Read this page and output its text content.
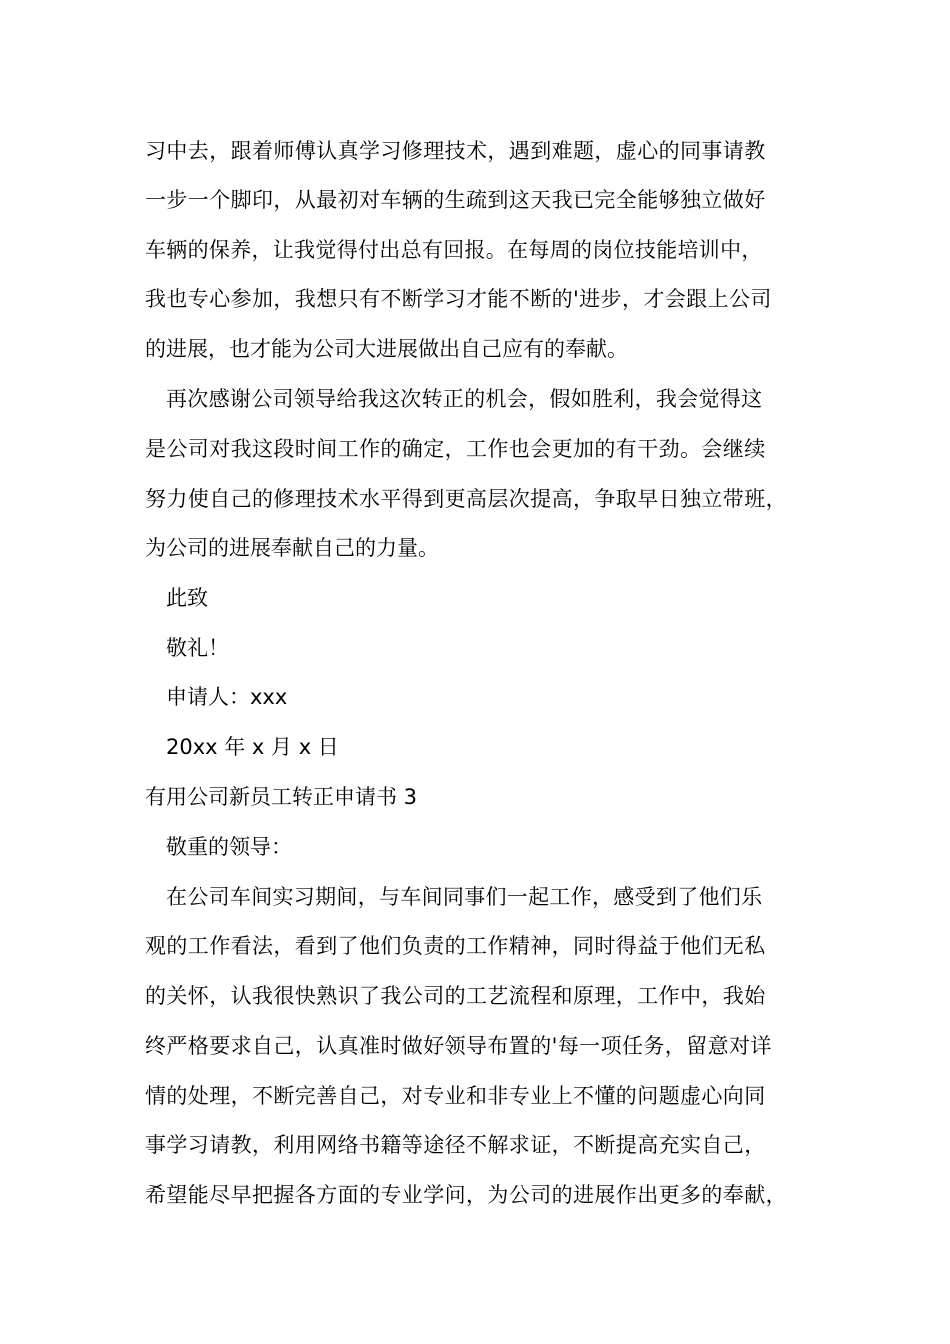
习中去，跟着师傅认真学习修理技术，遇到难题，虚心的同事请教
一步一个脚印，从最初对车辆的生疏到这天我已完全能够独立做好
车辆的保养，让我觉得付出总有回报。在每周的岗位技能培训中，
我也专心参加，我想只有不断学习才能不断的'进步，才会跟上公司
的进展，也才能为公司大进展做出自己应有的奉献。
再次感谢公司领导给我这次转正的机会，假如胜利，我会觉得这
是公司对我这段时间工作的确定，工作也会更加的有干劲。会继续
努力使自己的修理技术水平得到更高层次提高，争取早日独立带班，
为公司的进展奉献自己的力量。
此致
敬礼！
申请人：xxx
20xx 年 x 月 x 日
有用公司新员工转正申请书 3
敬重的领导：
在公司车间实习期间，与车间同事们一起工作，感受到了他们乐
观的工作看法，看到了他们负责的工作精神，同时得益于他们无私
的关怀，认我很快熟识了我公司的工艺流程和原理，工作中，我始
终严格要求自己，认真准时做好领导布置的'每一项任务，留意对详
情的处理，不断完善自己，对专业和非专业上不懂的问题虚心向同
事学习请教，利用网络书籍等途径不解求证，不断提高充实自己，
希望能尽早把握各方面的专业学问，为公司的进展作出更多的奉献，
